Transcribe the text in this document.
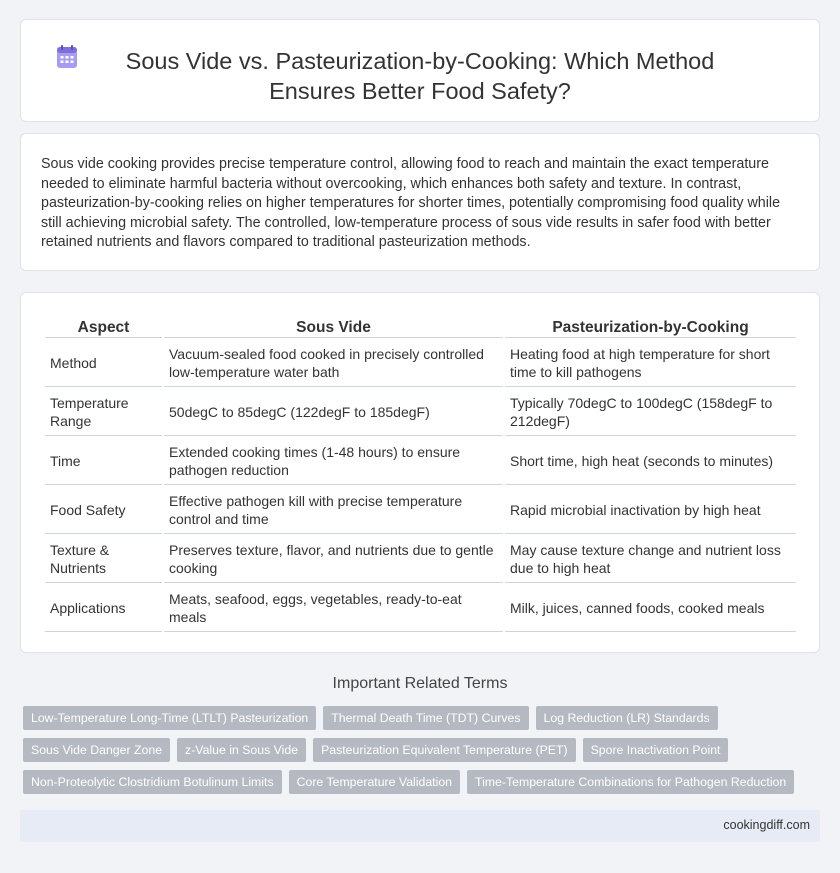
Sous Vide vs. Pasteurization-by-Cooking: Which Method Ensures Better Food Safety?

Sous vide cooking provides precise temperature control, allowing food to reach and maintain the exact temperature needed to eliminate harmful bacteria without overcooking, which enhances both safety and texture. In contrast, pasteurization-by-cooking relies on higher temperatures for shorter times, potentially compromising food quality while still achieving microbial safety. The controlled, low-temperature process of sous vide results in safer food with better retained nutrients and flavors compared to traditional pasteurization methods.

Aspect	Sous Vide	Pasteurization-by-Cooking
Method	Vacuum-sealed food cooked in precisely controlled low-temperature water bath	Heating food at high temperature for short time to kill pathogens
Temperature Range	50degC to 85degC (122degF to 185degF)	Typically 70degC to 100degC (158degF to 212degF)
Time	Extended cooking times (1-48 hours) to ensure pathogen reduction	Short time, high heat (seconds to minutes)
Food Safety	Effective pathogen kill with precise temperature control and time	Rapid microbial inactivation by high heat
Texture & Nutrients	Preserves texture, flavor, and nutrients due to gentle cooking	May cause texture change and nutrient loss due to high heat
Applications	Meats, seafood, eggs, vegetables, ready-to-eat meals	Milk, juices, canned foods, cooked meals
Important Related Terms
Low-Temperature Long-Time (LTLT) Pasteurization	Thermal Death Time (TDT) Curves	Log Reduction (LR) Standards
Sous Vide Danger Zone	z-Value in Sous Vide	Pasteurization Equivalent Temperature (PET)	Spore Inactivation Point
Non-Proteolytic Clostridium Botulinum Limits	Core Temperature Validation	Time-Temperature Combinations for Pathogen Reduction
cookingdiff.com
